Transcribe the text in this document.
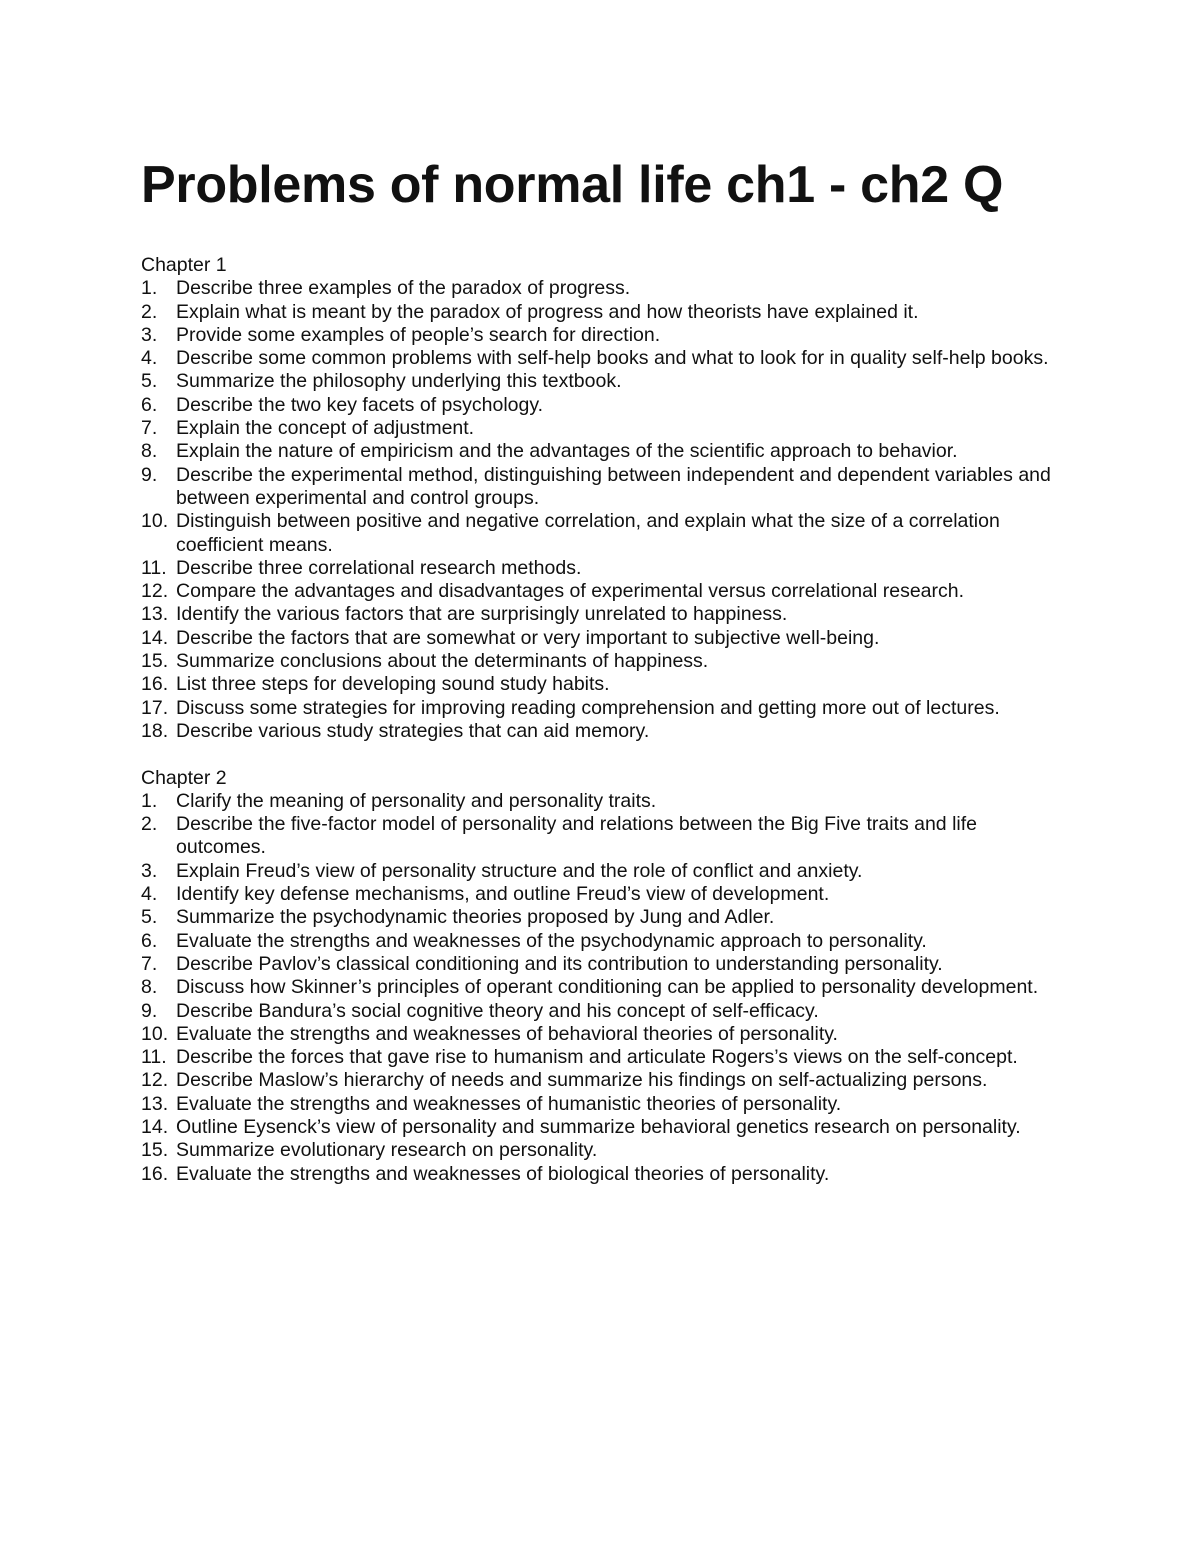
Problems of normal life ch1 - ch2 Q
Chapter 1
1. Describe three examples of the paradox of progress.
2. Explain what is meant by the paradox of progress and how theorists have explained it.
3. Provide some examples of people’s search for direction.
4. Describe some common problems with self-help books and what to look for in quality self-help books.
5. Summarize the philosophy underlying this textbook.
6. Describe the two key facets of psychology.
7. Explain the concept of adjustment.
8. Explain the nature of empiricism and the advantages of the scientific approach to behavior.
9. Describe the experimental method, distinguishing between independent and dependent variables and between experimental and control groups.
10. Distinguish between positive and negative correlation, and explain what the size of a correlation coefficient means.
11. Describe three correlational research methods.
12. Compare the advantages and disadvantages of experimental versus correlational research.
13. Identify the various factors that are surprisingly unrelated to happiness.
14. Describe the factors that are somewhat or very important to subjective well-being.
15. Summarize conclusions about the determinants of happiness.
16. List three steps for developing sound study habits.
17. Discuss some strategies for improving reading comprehension and getting more out of lectures.
18. Describe various study strategies that can aid memory.
Chapter 2
1. Clarify the meaning of personality and personality traits.
2. Describe the five-factor model of personality and relations between the Big Five traits and life outcomes.
3. Explain Freud’s view of personality structure and the role of conflict and anxiety.
4. Identify key defense mechanisms, and outline Freud’s view of development.
5. Summarize the psychodynamic theories proposed by Jung and Adler.
6. Evaluate the strengths and weaknesses of the psychodynamic approach to personality.
7. Describe Pavlov’s classical conditioning and its contribution to understanding personality.
8. Discuss how Skinner’s principles of operant conditioning can be applied to personality development.
9. Describe Bandura’s social cognitive theory and his concept of self-efficacy.
10. Evaluate the strengths and weaknesses of behavioral theories of personality.
11. Describe the forces that gave rise to humanism and articulate Rogers’s views on the self-concept.
12. Describe Maslow’s hierarchy of needs and summarize his findings on self-actualizing persons.
13. Evaluate the strengths and weaknesses of humanistic theories of personality.
14. Outline Eysenck’s view of personality and summarize behavioral genetics research on personality.
15. Summarize evolutionary research on personality.
16. Evaluate the strengths and weaknesses of biological theories of personality.
